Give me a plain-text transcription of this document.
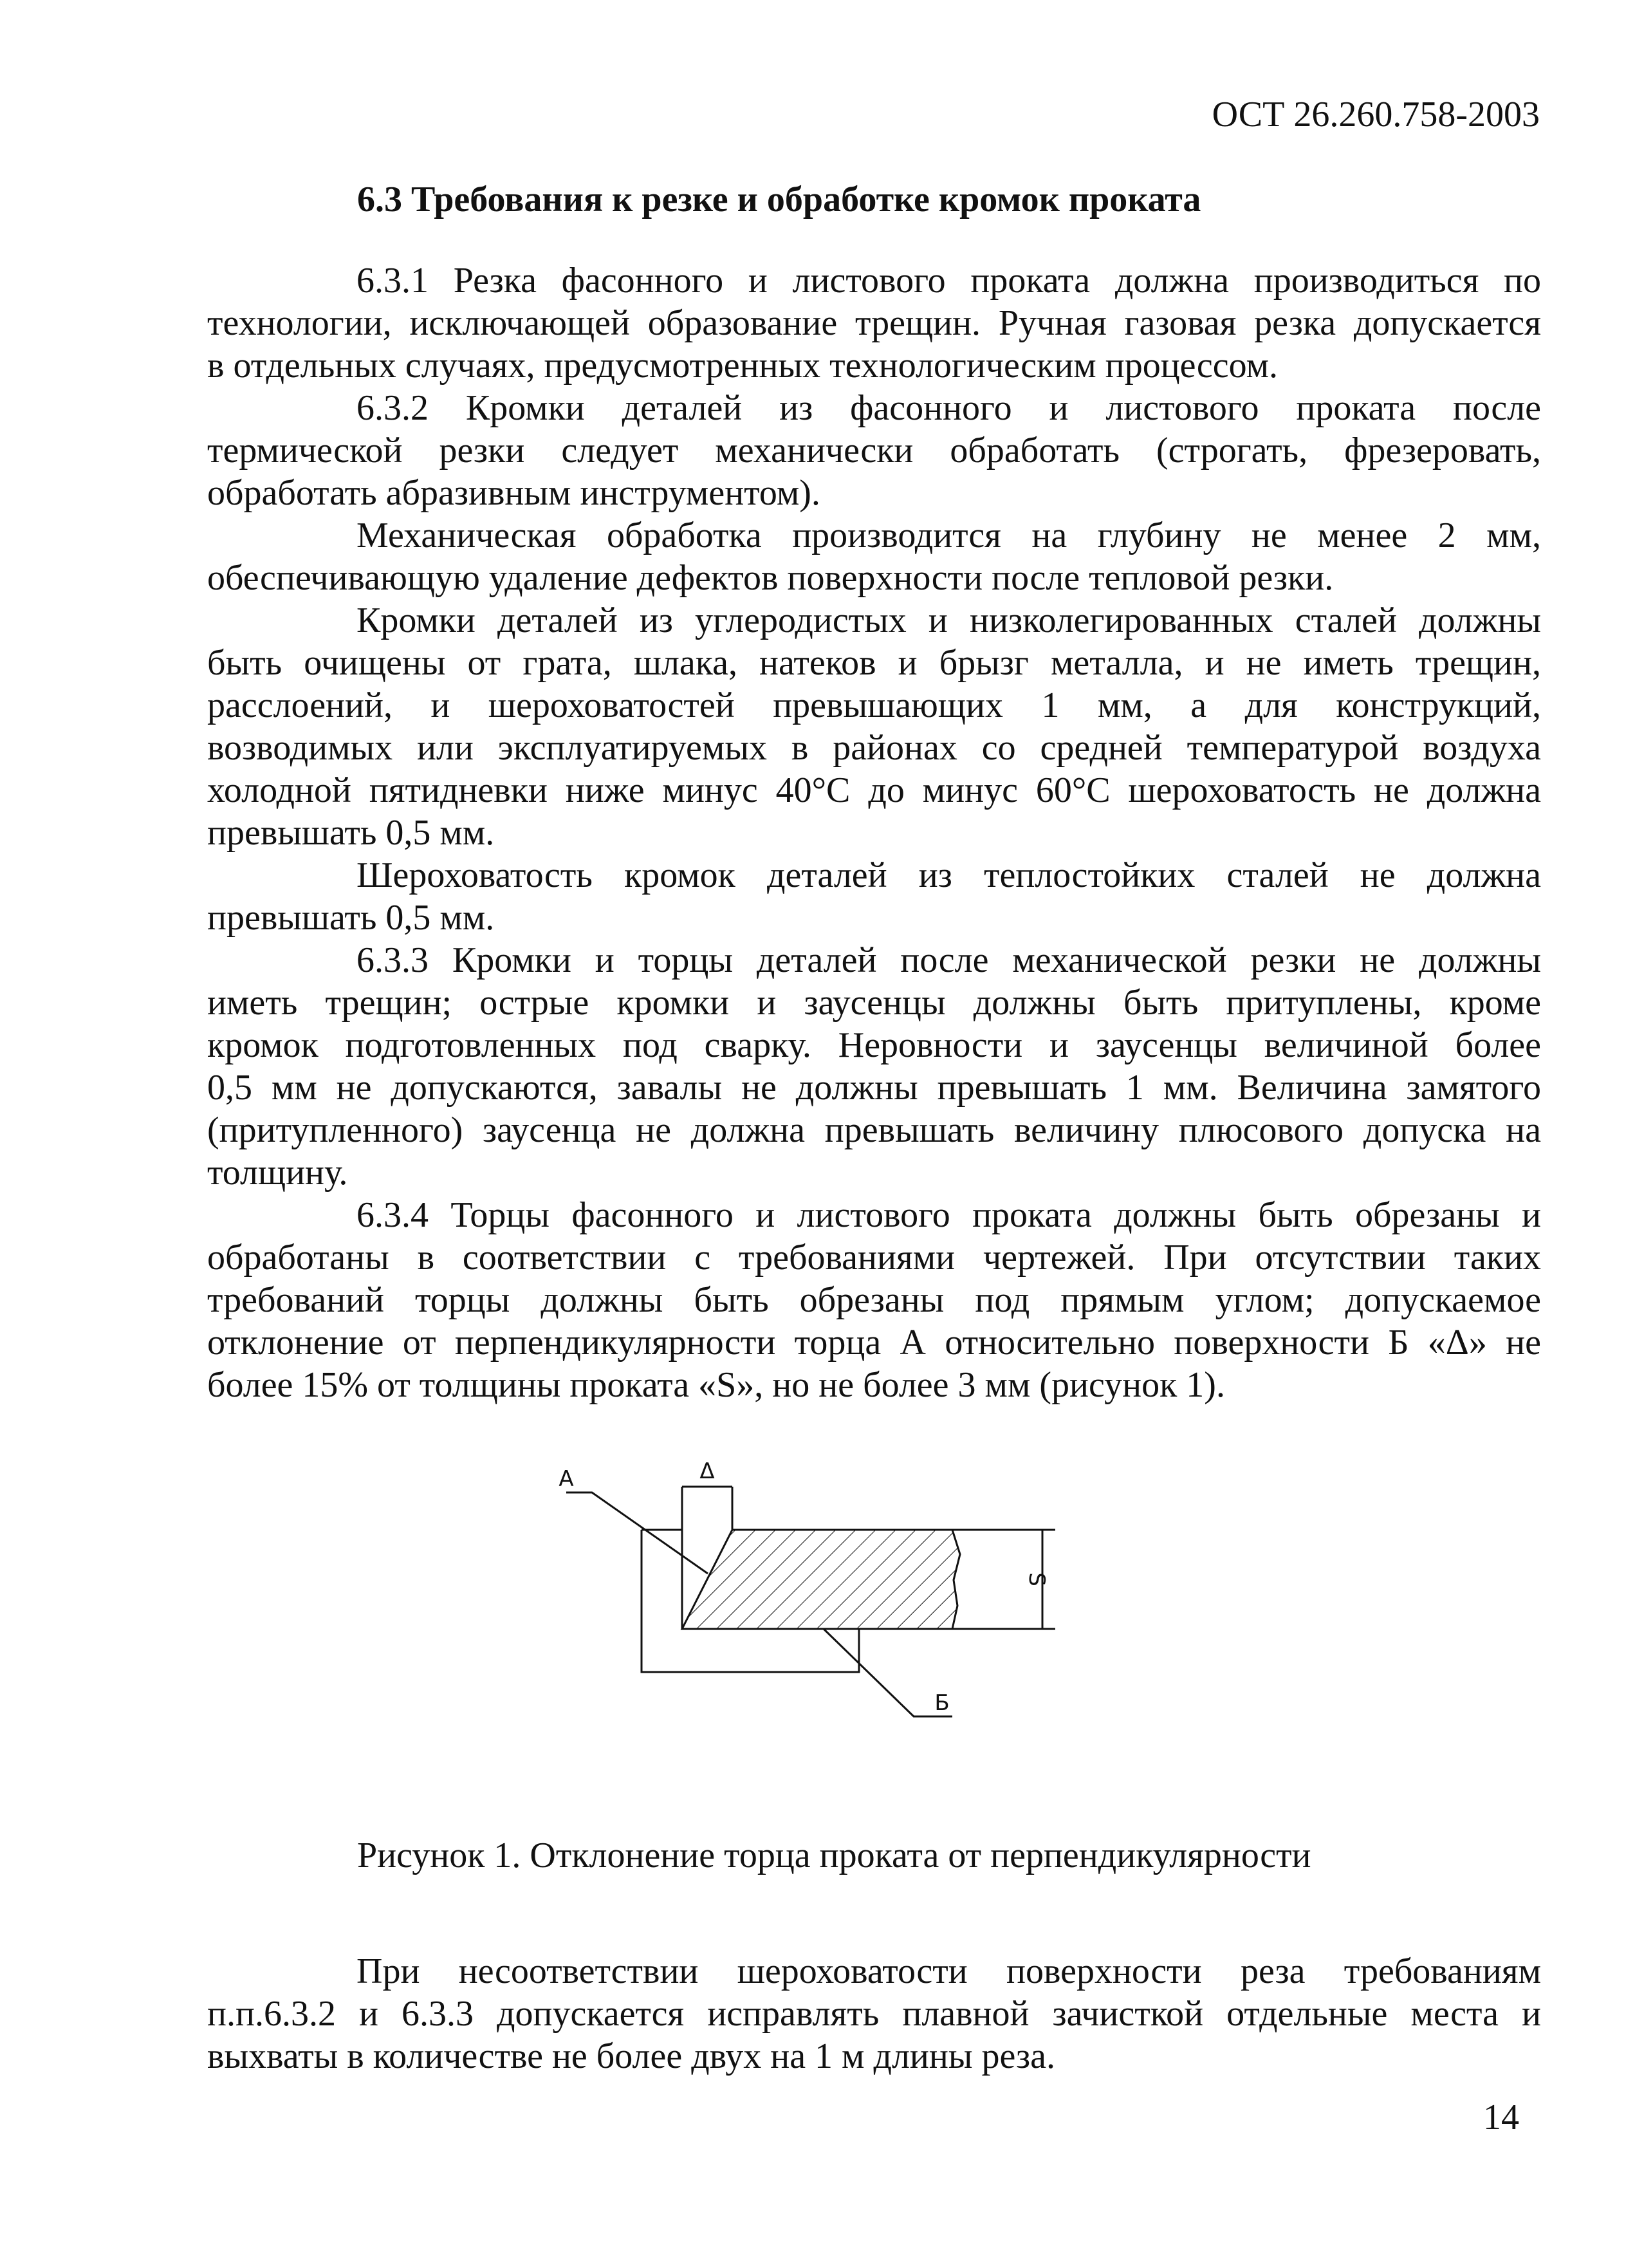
ОСТ 26.260.758-2003
6.3 Требования к резке и обработке кромок проката
6.3.1 Резка фасонного и листового проката должна производиться по
технологии, исключающей образование трещин. Ручная газовая резка допускается
в отдельных случаях, предусмотренных технологическим процессом.
6.3.2 Кромки деталей из фасонного и листового проката после
термической резки следует механически обработать (строгать, фрезеровать,
обработать абразивным инструментом).
Механическая обработка производится на глубину не менее 2 мм,
обеспечивающую удаление дефектов поверхности после тепловой резки.
Кромки деталей из углеродистых и низколегированных сталей должны
быть очищены от грата, шлака, натеков и брызг металла, и не иметь трещин,
расслоений, и шероховатостей превышающих 1 мм, а для конструкций,
возводимых или эксплуатируемых в районах со средней температурой воздуха
холодной пятидневки ниже минус 40°С до минус 60°С шероховатость не должна
превышать 0,5 мм.
Шероховатость кромок деталей из теплостойких сталей не должна
превышать 0,5 мм.
6.3.3 Кромки и торцы деталей после механической резки не должны
иметь трещин; острые кромки и заусенцы должны быть притуплены, кроме
кромок подготовленных под сварку. Неровности и заусенцы величиной более
0,5 мм не допускаются, завалы не должны превышать 1 мм. Величина замятого
(притупленного) заусенца не должна превышать величину плюсового допуска на
толщину.
6.3.4 Торцы фасонного и листового проката должны быть обрезаны и
обработаны в соответствии с требованиями чертежей. При отсутствии таких
требований торцы должны быть обрезаны под прямым углом; допускаемое
отклонение от перпендикулярности торца А относительно поверхности Б «Δ» не
более 15% от толщины проката «S», но не более 3 мм (рисунок 1).
Δ
А
Б
S
Рисунок 1. Отклонение торца проката от перпендикулярности
При несоответствии шероховатости поверхности реза требованиям
п.п.6.3.2 и 6.3.3 допускается исправлять плавной зачисткой отдельные места и
выхваты в количестве не более двух на 1 м длины реза.
14
